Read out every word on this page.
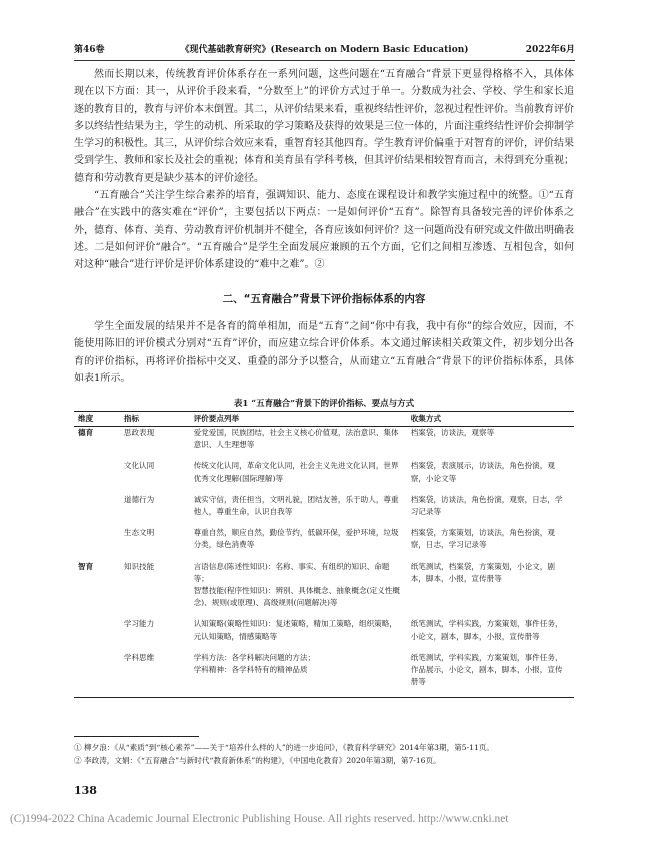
第46卷	《现代基础教育研究》(Research on Modern Basic Education)	2022年6月

然而长期以来，传统教育评价体系存在一系列问题，这些问题在“五育融合”背景下更显得格格不入，具体体现在以下方面：其一，从评价手段来看，“分数至上”的评价方式过于单一。分数成为社会、学校、学生和家长追逐的教育目的，教育与评价本末倒置。其二，从评价结果来看，重视终结性评价，忽视过程性评价。当前教育评价多以终结性结果为主，学生的动机、所采取的学习策略及获得的效果是三位一体的，片面注重终结性评价会抑制学生学习的积极性。其三，从评价综合效应来看，重智育轻其他四育。学生教育评价偏重于对智育的评价，评价结果受到学生、教师和家长及社会的重视；体育和美育虽有学科考核，但其评价结果相较智育而言，未得到充分重视；德育和劳动教育更是缺少基本的评价途径。

“五育融合”关注学生综合素养的培育，强调知识、能力、态度在课程设计和教学实施过程中的统整。①“五育融合”在实践中的落实难在“评价”，主要包括以下两点：一是如何评价“五育”。除智育具备较完善的评价体系之外，德育、体育、美育、劳动教育评价机制并不健全，各育应该如何评价？这一问题尚没有研究或文件做出明确表述。二是如何评价“融合”。“五育融合”是学生全面发展应兼顾的五个方面，它们之间相互渗透、互相包含，如何对这种“融合”进行评价是评价体系建设的“难中之难”。②

二、“五育融合”背景下评价指标体系的内容

学生全面发展的结果并不是各育的简单相加，而是“五育”之间“你中有我，我中有你”的综合效应，因而，不能使用陈旧的评价模式分别对“五育”评价，而应建立综合评价体系。本文通过解读相关政策文件，初步划分出各育的评价指标，再将评价指标中交叉、重叠的部分予以整合，从而建立“五育融合”背景下的评价指标体系，具体如表1所示。

表1 “五育融合”背景下的评价指标、要点与方式
维度	指标	评价要点列举	收集方式
德育	思政表现	爱党爱国，民族团结，社会主义核心价值观，法治意识、集体意识、人生理想等	档案袋，访谈法，观察等
	文化认同	传统文化认同，革命文化认同，社会主义先进文化认同，世界优秀文化理解(国际理解)等	档案袋，表演展示，访谈法，角色扮演，观察，小论文等
	道德行为	诚实守信，责任担当，文明礼貌，团结友善，乐于助人，尊重他人，尊重生命，认识自我等	档案袋，访谈法，角色扮演，观察，日志，学习记录等
	生态文明	尊重自然，顺应自然，勤俭节约，低碳环保，爱护环境，垃圾分类，绿色消费等	档案袋，方案策划，访谈法，角色扮演，观察，日志，学习记录等
智育	知识技能	言语信息(陈述性知识)：名称、事实、有组织的知识、命题等；
智慧技能(程序性知识)：辨别、具体概念、抽象概念(定义性概念)、规则(或原理)、高级规则(问题解决)等	纸笔测试，档案袋，方案策划，小论文，剧本，脚本，小报，宣传册等
	学习能力	认知策略(策略性知识)：复述策略，精加工策略，组织策略，元认知策略，情感策略等	纸笔测试，学科实践，方案策划，事件任务，小论文，剧本，脚本，小报，宣传册等
	学科思维	学科方法：各学科解决问题的方法；
学科精神：各学科特有的精神品质	纸笔测试，学科实践，方案策划，事件任务，作品展示，小论文，剧本，脚本，小报，宣传册等
① 柳夕浪：《从“素质”到“核心素养”——关于“培养什么样的人”的进一步追问》，《教育科学研究》2014年第3期，第5-11页。
② 李政涛，文娟：《“五育融合”与新时代“教育新体系”的构建》，《中国电化教育》2020年第3期，第7-16页。
138
(C)1994-2022 China Academic Journal Electronic Publishing House. All rights reserved. http://www.cnki.net
